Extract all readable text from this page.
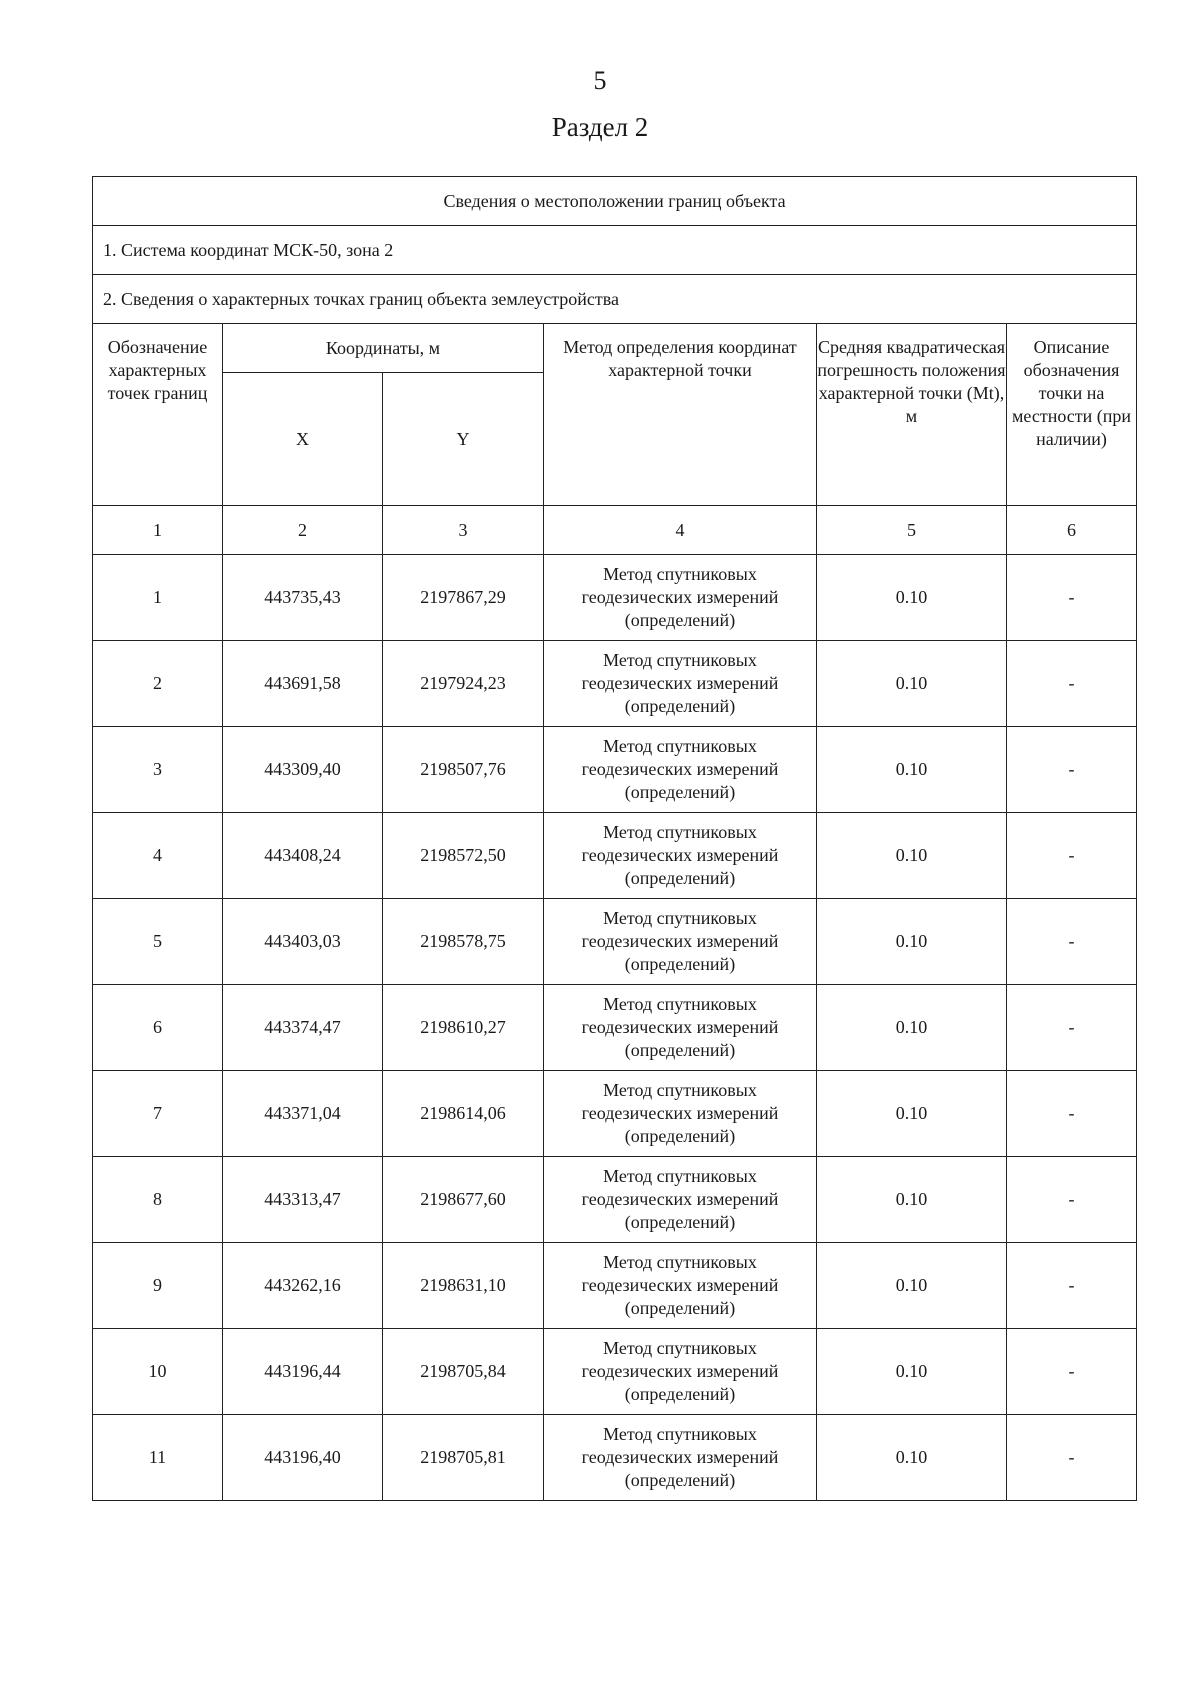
5
Раздел 2
Сведения о местоположении границ объекта					
1. Система координат МСК-50, зона 2					
2. Сведения о характерных точках границ объекта землеустройства					
Обозначение характерных точек границ	Координаты, м		Метод определения координат характерной точки	Средняя квадратическая погрешность положения характерной точки (Mt), м	Описание обозначения точки на местности (при наличии)
	X	Y			
1	2	3	4	5	6
1	443735,43	2197867,29	Метод спутниковых
геодезических измерений
(определений)	0.10	-
2	443691,58	2197924,23	Метод спутниковых
геодезических измерений
(определений)	0.10	-
3	443309,40	2198507,76	Метод спутниковых
геодезических измерений
(определений)	0.10	-
4	443408,24	2198572,50	Метод спутниковых
геодезических измерений
(определений)	0.10	-
5	443403,03	2198578,75	Метод спутниковых
геодезических измерений
(определений)	0.10	-
6	443374,47	2198610,27	Метод спутниковых
геодезических измерений
(определений)	0.10	-
7	443371,04	2198614,06	Метод спутниковых
геодезических измерений
(определений)	0.10	-
8	443313,47	2198677,60	Метод спутниковых
геодезических измерений
(определений)	0.10	-
9	443262,16	2198631,10	Метод спутниковых
геодезических измерений
(определений)	0.10	-
10	443196,44	2198705,84	Метод спутниковых
геодезических измерений
(определений)	0.10	-
11	443196,40	2198705,81	Метод спутниковых
геодезических измерений
(определений)	0.10	-
